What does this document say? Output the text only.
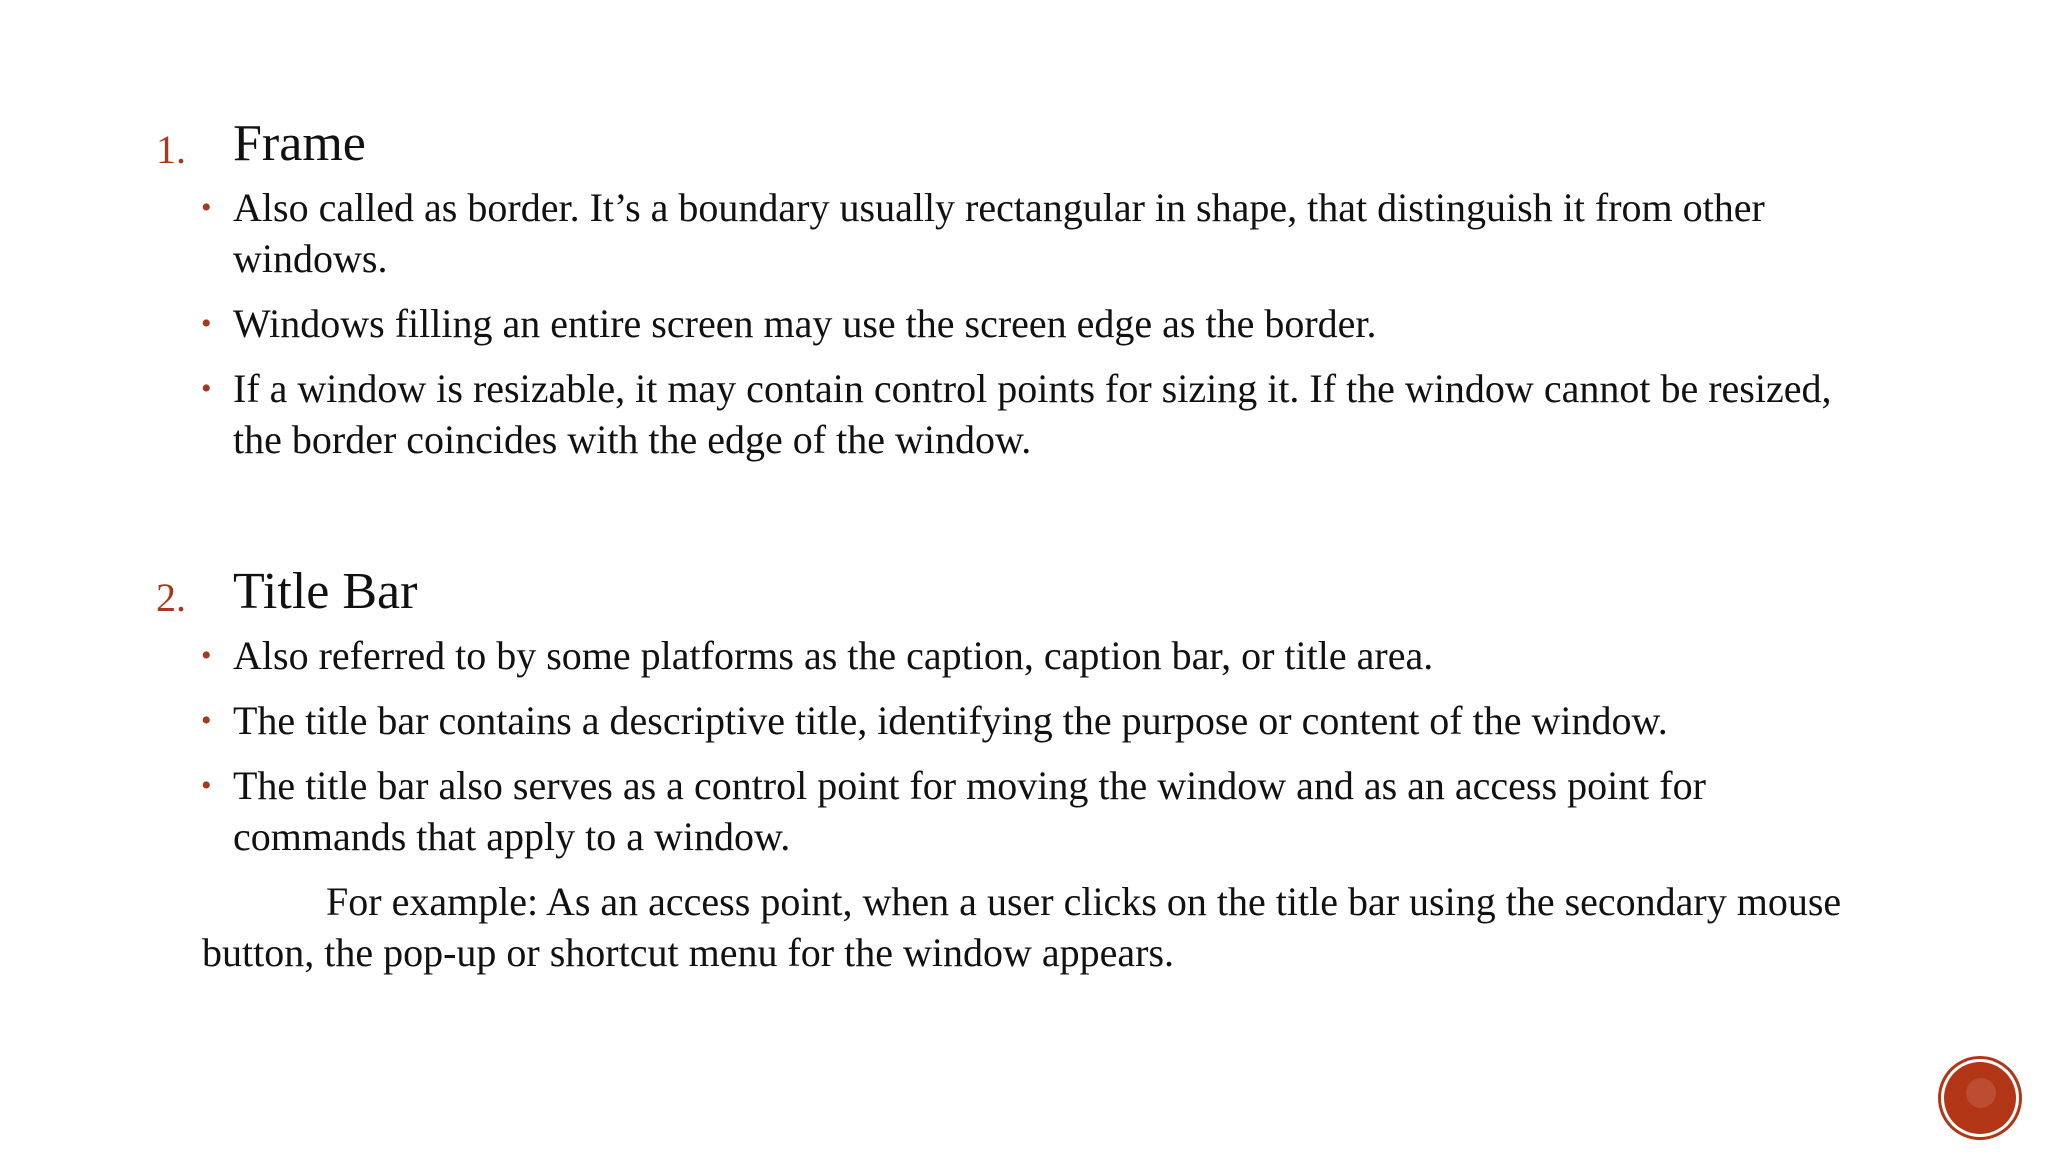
1. Frame
• Also called as border. It’s a boundary usually rectangular in shape, that distinguish it from other windows.
• Windows filling an entire screen may use the screen edge as the border.
• If a window is resizable, it may contain control points for sizing it. If the window cannot be resized, the border coincides with the edge of the window.
2. Title Bar
• Also referred to by some platforms as the caption, caption bar, or title area.
• The title bar contains a descriptive title, identifying the purpose or content of the window.
• The title bar also serves as a control point for moving the window and as an access point for commands that apply to a window.

For example: As an access point, when a user clicks on the title bar using the secondary mouse button, the pop-up or shortcut menu for the window appears.
